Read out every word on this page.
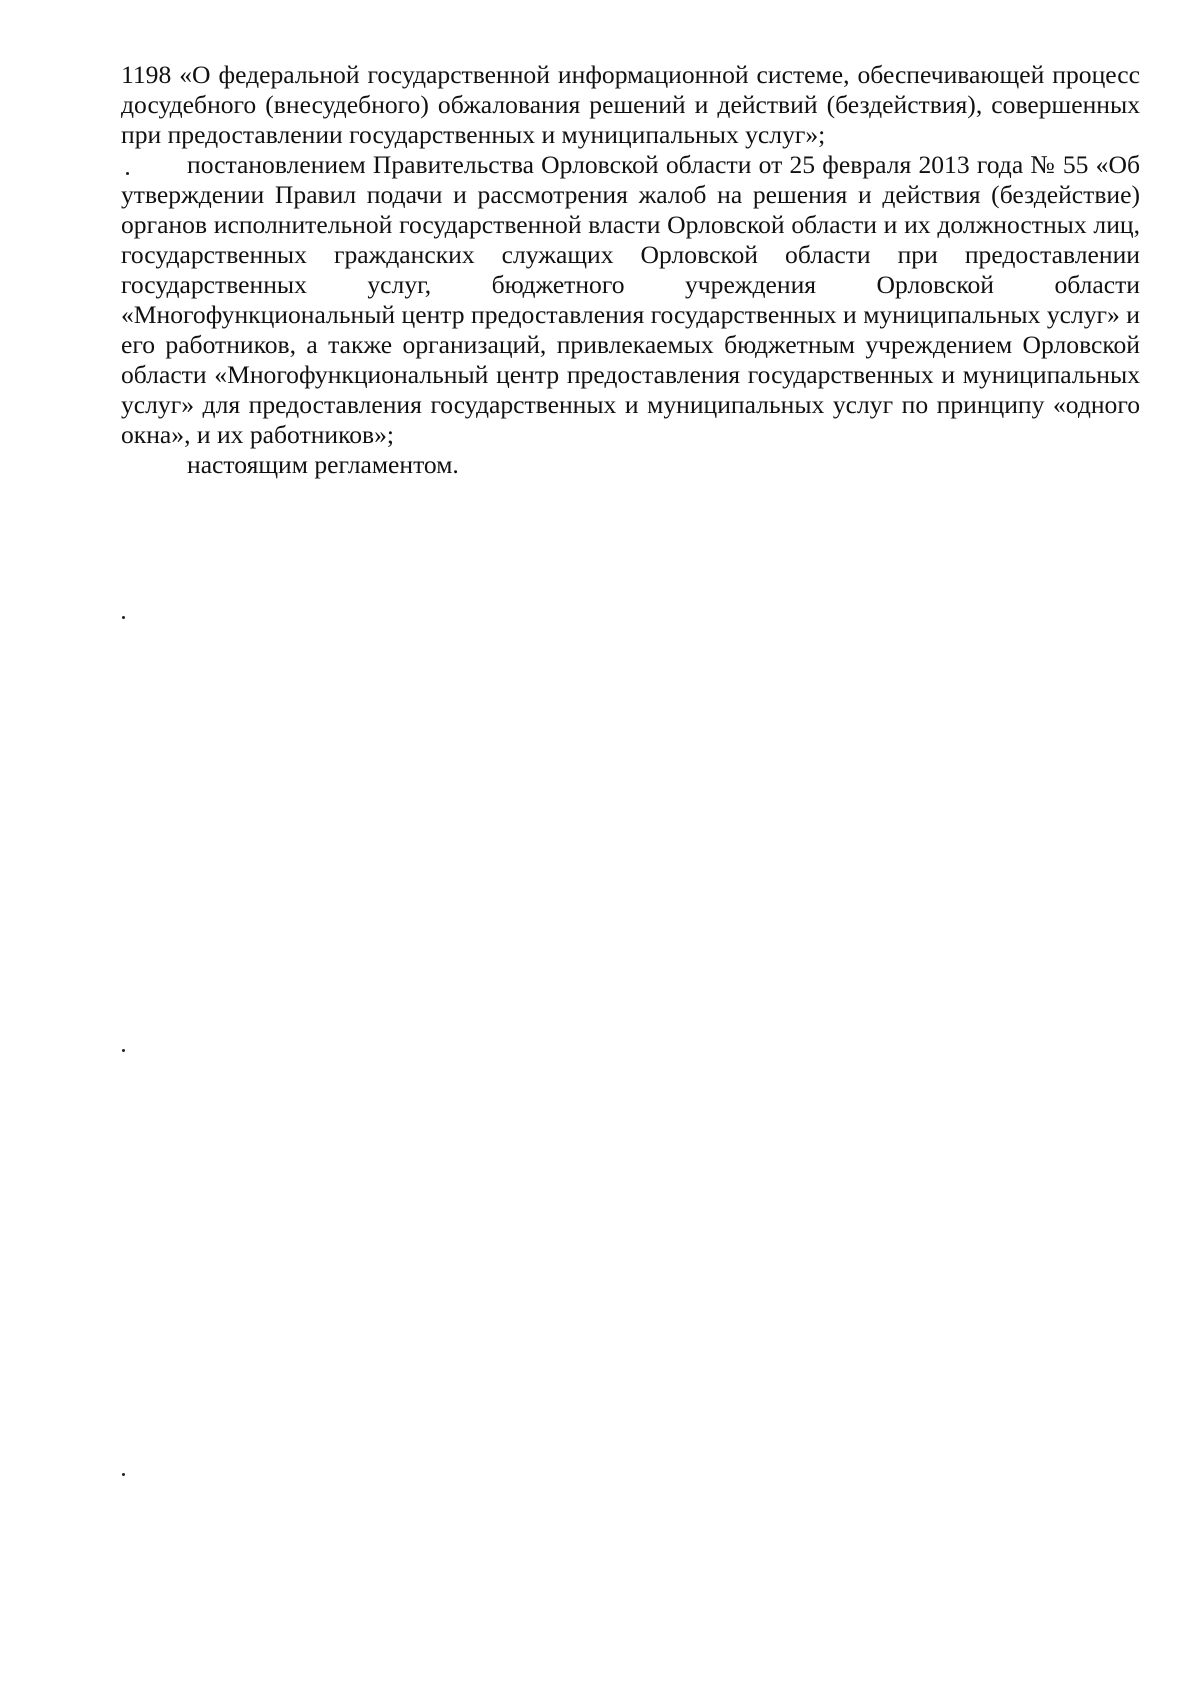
1198 «О федеральной государственной информационной системе, обеспечивающей процесс досудебного (внесудебного) обжалования решений и действий (бездействия), совершенных при предоставлении государственных и муниципальных услуг»;

постановлением Правительства Орловской области от 25 февраля 2013 года № 55 «Об утверждении Правил подачи и рассмотрения жалоб на решения и действия (бездействие) органов исполнительной государственной власти Орловской области и их должностных лиц, государственных гражданских служащих Орловской области при предоставлении государственных услуг, бюджетного учреждения Орловской области «Многофункциональный центр предоставления государственных и муниципальных услуг» и его работников, а также организаций, привлекаемых бюджетным учреждением Орловской области «Многофункциональный центр предоставления государственных и муниципальных услуг» для предоставления государственных и муниципальных услуг по принципу «одного окна», и их работников»;

настоящим регламентом.
